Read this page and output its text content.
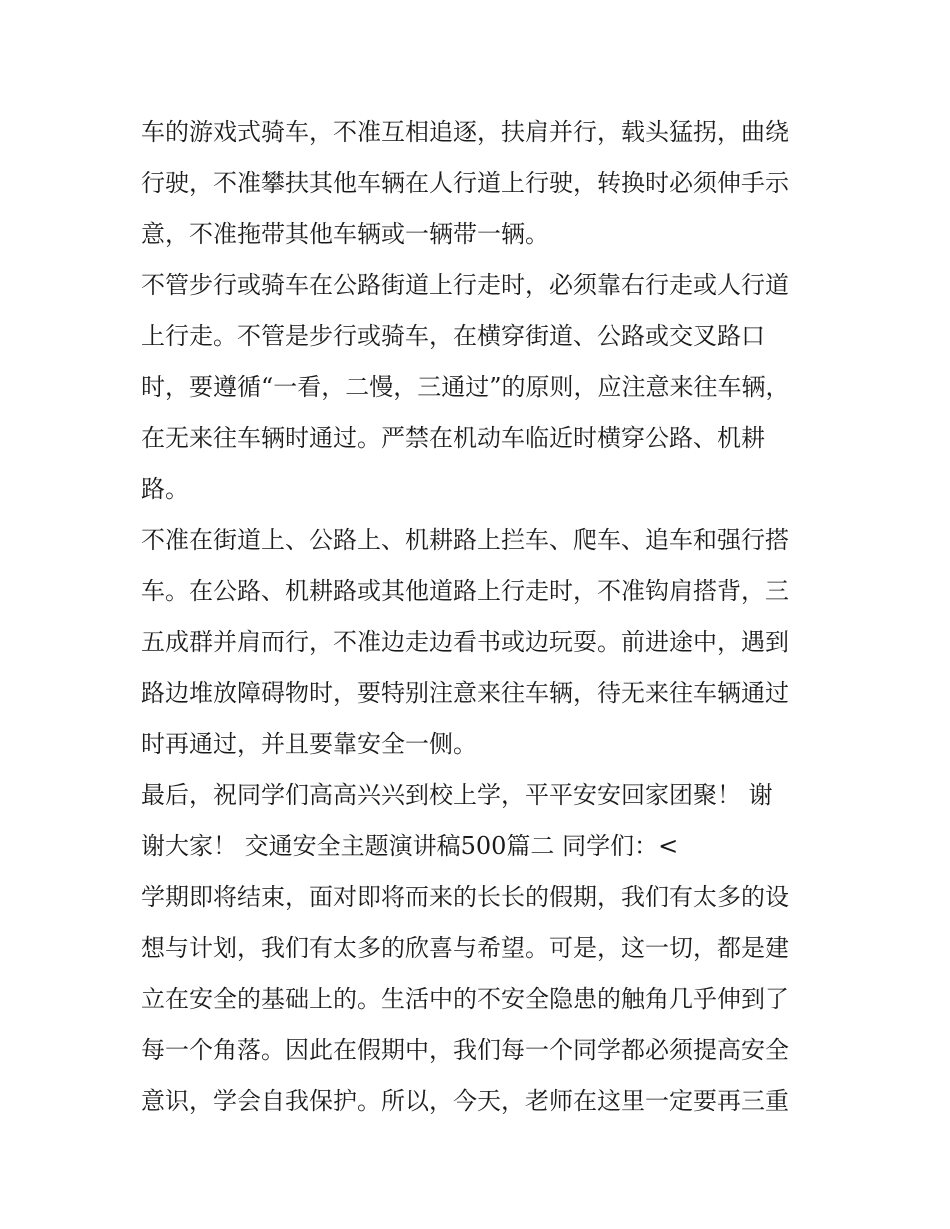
车的游戏式骑车，不准互相追逐，扶肩并行，载头猛拐，曲绕
行驶，不准攀扶其他车辆在人行道上行驶，转换时必须伸手示
意，不准拖带其他车辆或一辆带一辆。
不管步行或骑车在公路街道上行走时，必须靠右行走或人行道
上行走。不管是步行或骑车，在横穿街道、公路或交叉路口
时，要遵循“一看，二慢，三通过”的原则，应注意来往车辆，
在无来往车辆时通过。严禁在机动车临近时横穿公路、机耕
路。
不准在街道上、公路上、机耕路上拦车、爬车、追车和强行搭
车。在公路、机耕路或其他道路上行走时，不准钩肩搭背，三
五成群并肩而行，不准边走边看书或边玩耍。前进途中，遇到
路边堆放障碍物时，要特别注意来往车辆，待无来往车辆通过
时再通过，并且要靠安全一侧。
最后，祝同学们高高兴兴到校上学，平平安安回家团聚！ 谢
谢大家！ 交通安全主题演讲稿500篇二 同学们：<
学期即将结束，面对即将而来的长长的假期，我们有太多的设
想与计划，我们有太多的欣喜与希望。可是，这一切，都是建
立在安全的基础上的。生活中的不安全隐患的触角几乎伸到了
每一个角落。因此在假期中，我们每一个同学都必须提高安全
意识，学会自我保护。所以，今天，老师在这里一定要再三重
